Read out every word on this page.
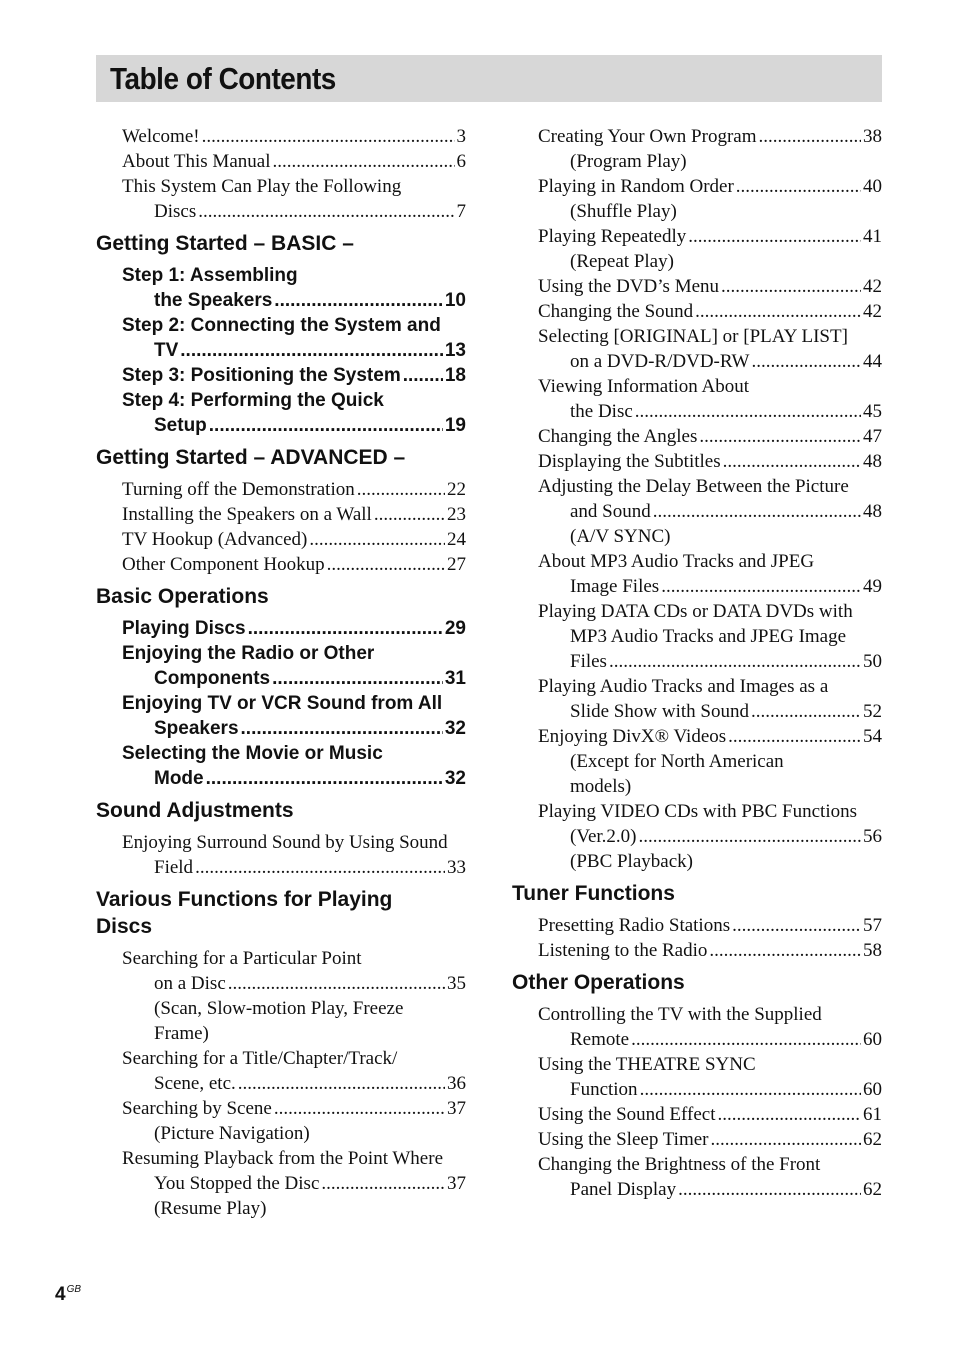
Table of Contents
Welcome! .....	3
About This Manual .....	6
This System Can Play the Following
Discs .....	7
Getting Started – BASIC –
Step 1: Assembling
the Speakers .....	10
Step 2: Connecting the System and
TV .....	13
Step 3: Positioning the System ..... 18
Step 4: Performing the Quick
Setup .....	19
Getting Started – ADVANCED –
Turning off the Demonstration .....	22
Installing the Speakers on a Wall .....	23
TV Hookup (Advanced) .....	24
Other Component Hookup .....	27
Basic Operations
Playing Discs .....	29
Enjoying the Radio or Other
Components .....	31
Enjoying TV or VCR Sound from All
Speakers .....	32
Selecting the Movie or Music
Mode .....	32
Sound Adjustments
Enjoying Surround Sound by Using Sound
Field .....	33
Various Functions for Playing
Discs
Searching for a Particular Point
on a Disc .....	35
(Scan, Slow-motion Play, Freeze
Frame)
Searching for a Title/Chapter/Track/
Scene, etc. .....	36
Searching by Scene .....	37
(Picture Navigation)
Resuming Playback from the Point Where
You Stopped the Disc .....	37
(Resume Play)
Creating Your Own Program .....	38
(Program Play)
Playing in Random Order .....	40
(Shuffle Play)
Playing Repeatedly .....	41
(Repeat Play)
Using the DVD’s Menu .....	42
Changing the Sound .....	42
Selecting [ORIGINAL] or [PLAY LIST]
on a DVD-R/DVD-RW .....	44
Viewing Information About
the Disc .....	45
Changing the Angles .....	47
Displaying the Subtitles .....	48
Adjusting the Delay Between the Picture
and Sound .....	48
(A/V SYNC)
About MP3 Audio Tracks and JPEG
Image Files .....	49
Playing DATA CDs or DATA DVDs with
MP3 Audio Tracks and JPEG Image
Files .....	50
Playing Audio Tracks and Images as a
Slide Show with Sound .....	52
Enjoying DivX® Videos .....	54
(Except for North American
models)
Playing VIDEO CDs with PBC Functions
(Ver.2.0) .....	56
(PBC Playback)
Tuner Functions
Presetting Radio Stations .....	57
Listening to the Radio .....	58
Other Operations
Controlling the TV with the Supplied
Remote .....	60
Using the THEATRE SYNC
Function .....	60
Using the Sound Effect .....	61
Using the Sleep Timer .....	62
Changing the Brightness of the Front
Panel Display .....	62
$4^{GB}$
